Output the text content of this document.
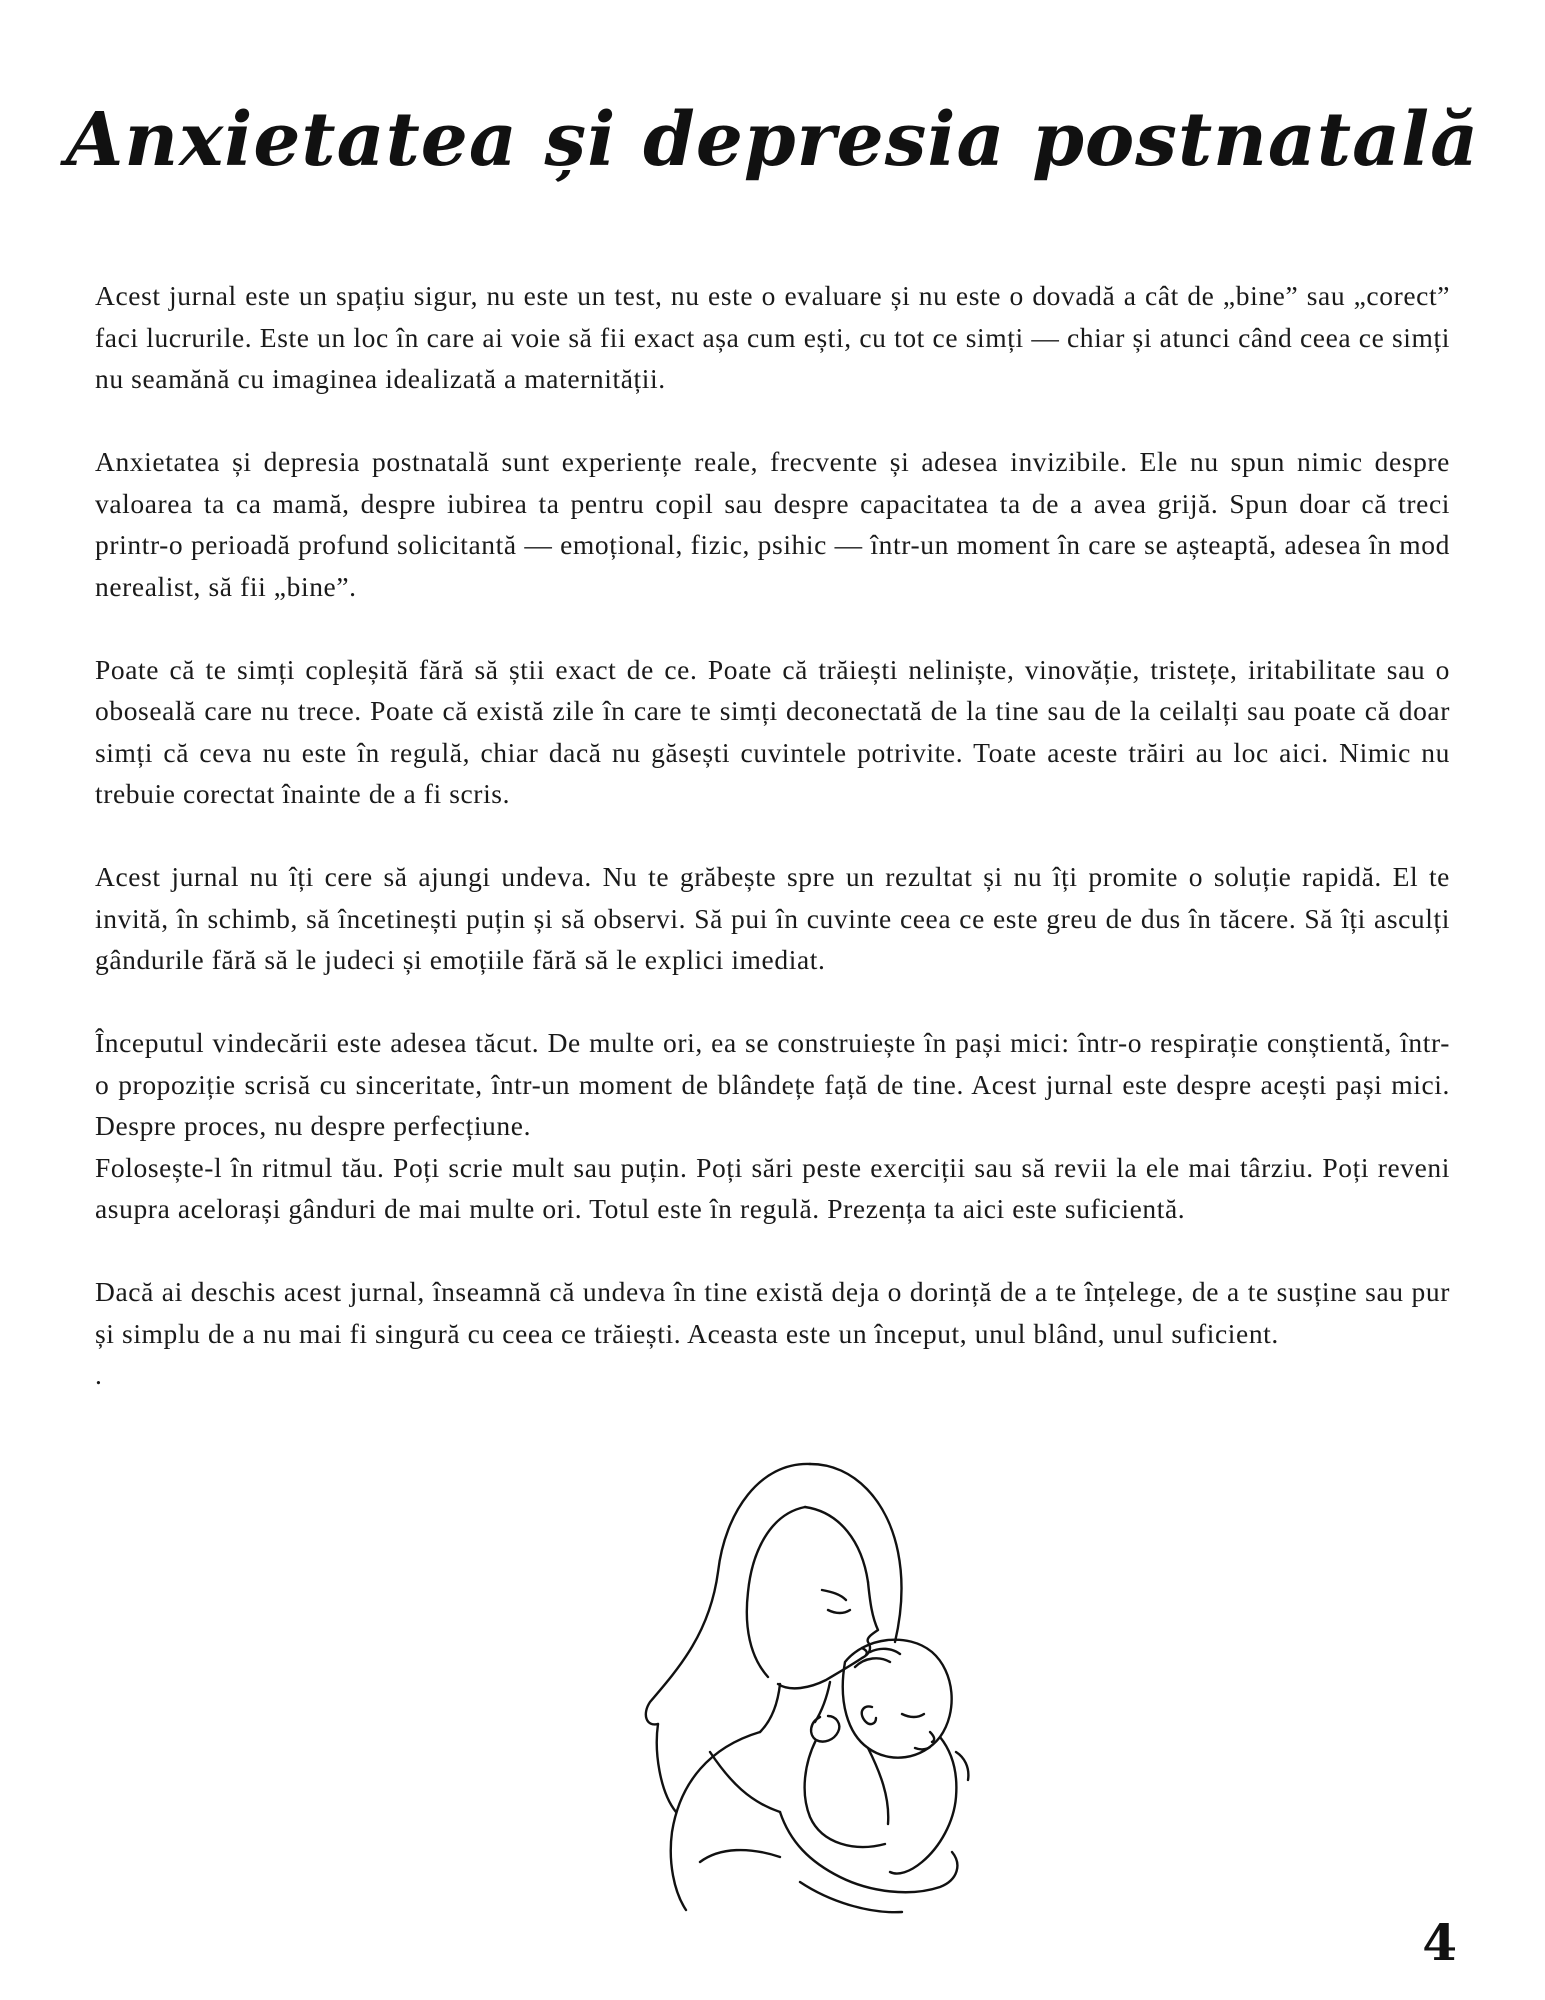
Anxietatea și depresia postnatală

Acest jurnal este un spațiu sigur, nu este un test, nu este o evaluare și nu este o dovadă a cât de „bine” sau „corect” faci lucrurile. Este un loc în care ai voie să fii exact așa cum ești, cu tot ce simți — chiar și atunci când ceea ce simți nu seamănă cu imaginea idealizată a maternității.

Anxietatea și depresia postnatală sunt experiențe reale, frecvente și adesea invizibile. Ele nu spun nimic despre valoarea ta ca mamă, despre iubirea ta pentru copil sau despre capacitatea ta de a avea grijă. Spun doar că treci printr-o perioadă profund solicitantă — emoțional, fizic, psihic — într-un moment în care se așteaptă, adesea în mod nerealist, să fii „bine”.

Poate că te simți copleșită fără să știi exact de ce. Poate că trăiești neliniște, vinovăție, tristețe, iritabilitate sau o oboseală care nu trece. Poate că există zile în care te simți deconectată de la tine sau de la ceilalți sau poate că doar simți că ceva nu este în regulă, chiar dacă nu găsești cuvintele potrivite. Toate aceste trăiri au loc aici. Nimic nu trebuie corectat înainte de a fi scris.

Acest jurnal nu îți cere să ajungi undeva. Nu te grăbește spre un rezultat și nu îți promite o soluție rapidă. El te invită, în schimb, să încetinești puțin și să observi. Să pui în cuvinte ceea ce este greu de dus în tăcere. Să îți asculți gândurile fără să le judeci și emoțiile fără să le explici imediat.

Începutul vindecării este adesea tăcut. De multe ori, ea se construiește în pași mici: într-o respirație conștientă, într-o propoziție scrisă cu sinceritate, într-un moment de blândețe față de tine. Acest jurnal este despre acești pași mici. Despre proces, nu despre perfecțiune.

Folosește-l în ritmul tău. Poți scrie mult sau puțin. Poți sări peste exerciții sau să revii la ele mai târziu. Poți reveni asupra acelorași gânduri de mai multe ori. Totul este în regulă. Prezența ta aici este suficientă.

Dacă ai deschis acest jurnal, înseamnă că undeva în tine există deja o dorință de a te înțelege, de a te susține sau pur și simplu de a nu mai fi singură cu ceea ce trăiești. Aceasta este un început, unul blând, unul suficient.

.

4
